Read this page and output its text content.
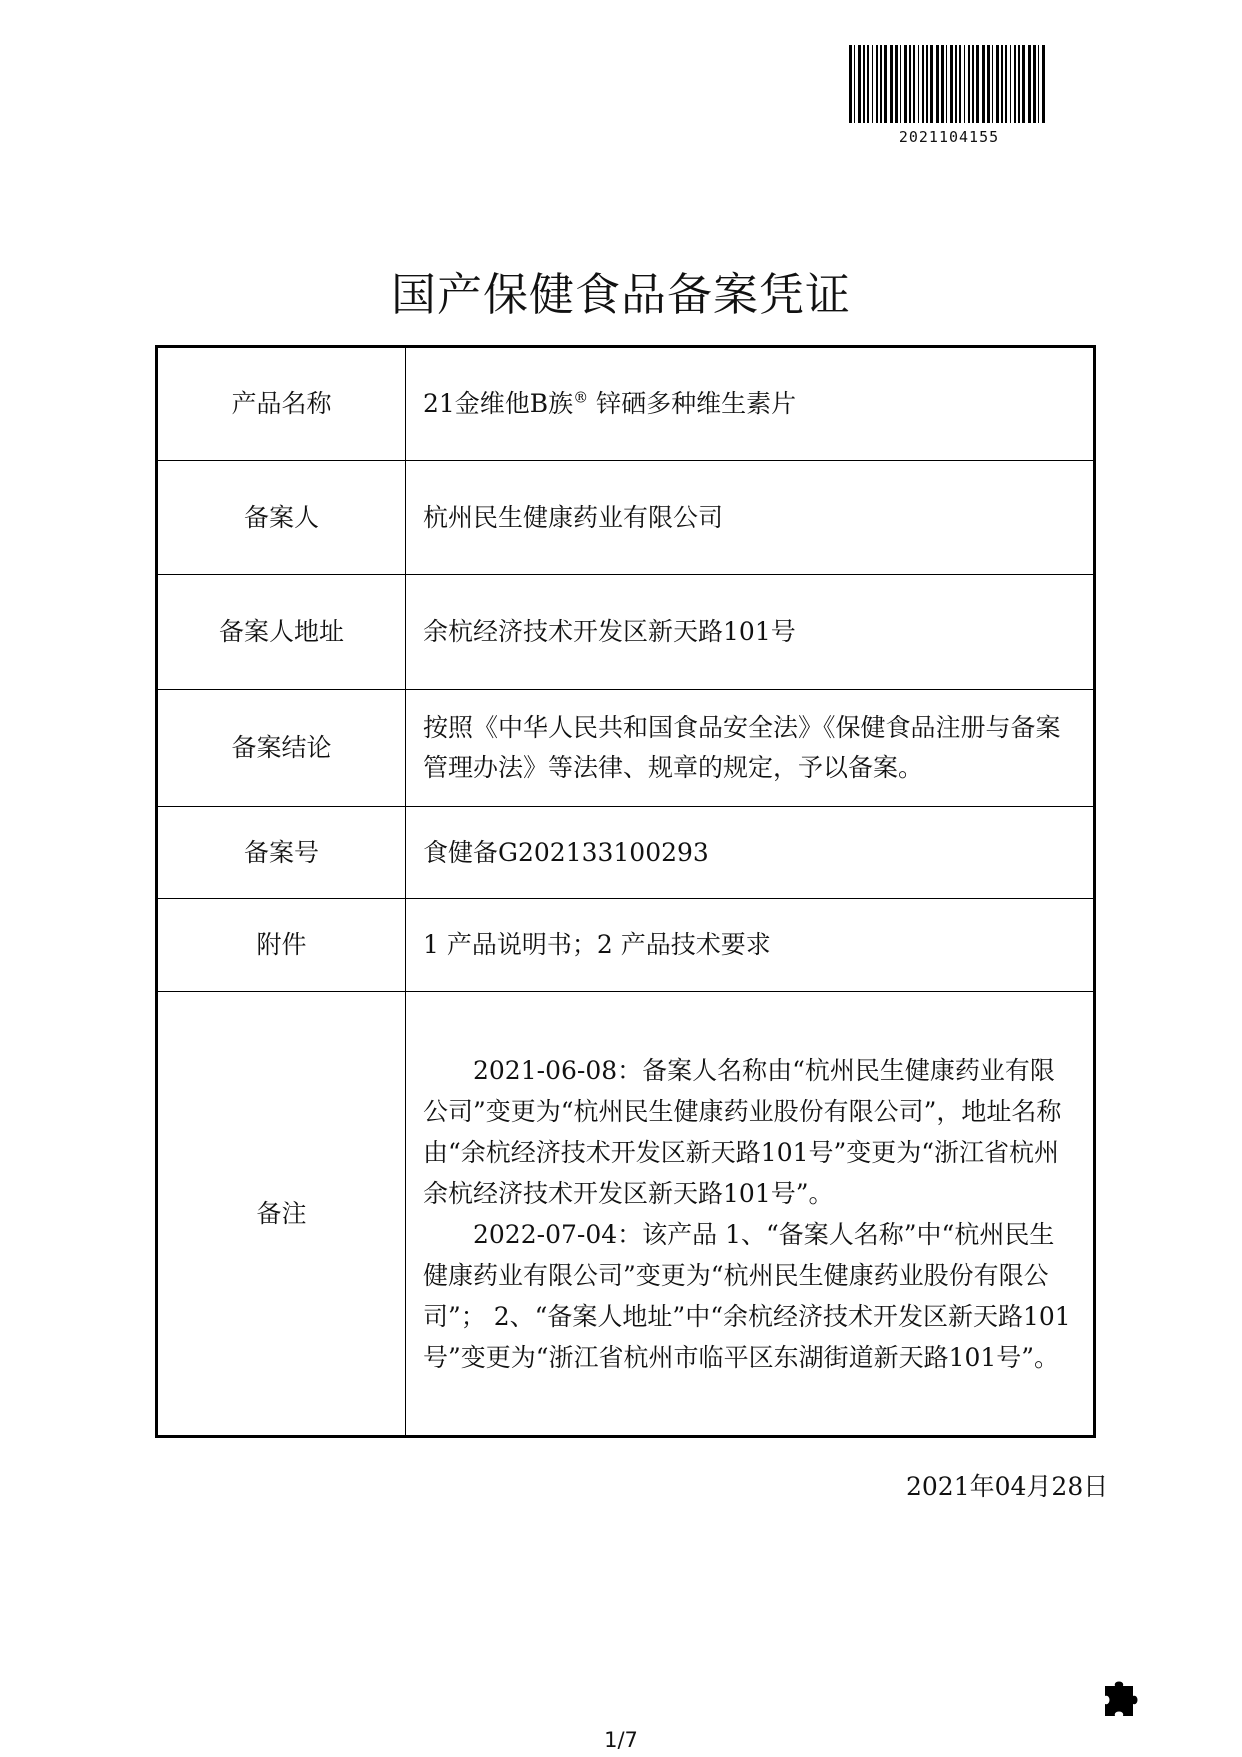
2021104155
国产保健食品备案凭证
产品名称	21金维他B族® 锌硒多种维生素片
备案人	杭州民生健康药业有限公司
备案人地址	余杭经济技术开发区新天路101号
备案结论	按照《中华人民共和国食品安全法》《保健食品注册与备案管理办法》等法律、规章的规定，予以备案。
备案号	食健备G202133100293
附件	1 产品说明书；2 产品技术要求
备注	2021-06-08：备案人名称由“杭州民生健康药业有限公司”变更为“杭州民生健康药业股份有限公司”，地址名称由“余杭经济技术开发区新天路101号”变更为“浙江省杭州余杭经济技术开发区新天路101号”。

2022-07-04：该产品 1、“备案人名称”中“杭州民生健康药业有限公司”变更为“杭州民生健康药业股份有限公司”； 2、“备案人地址”中“余杭经济技术开发区新天路101号”变更为“浙江省杭州市临平区东湖街道新天路101号”。

2021年04月28日
1/7
